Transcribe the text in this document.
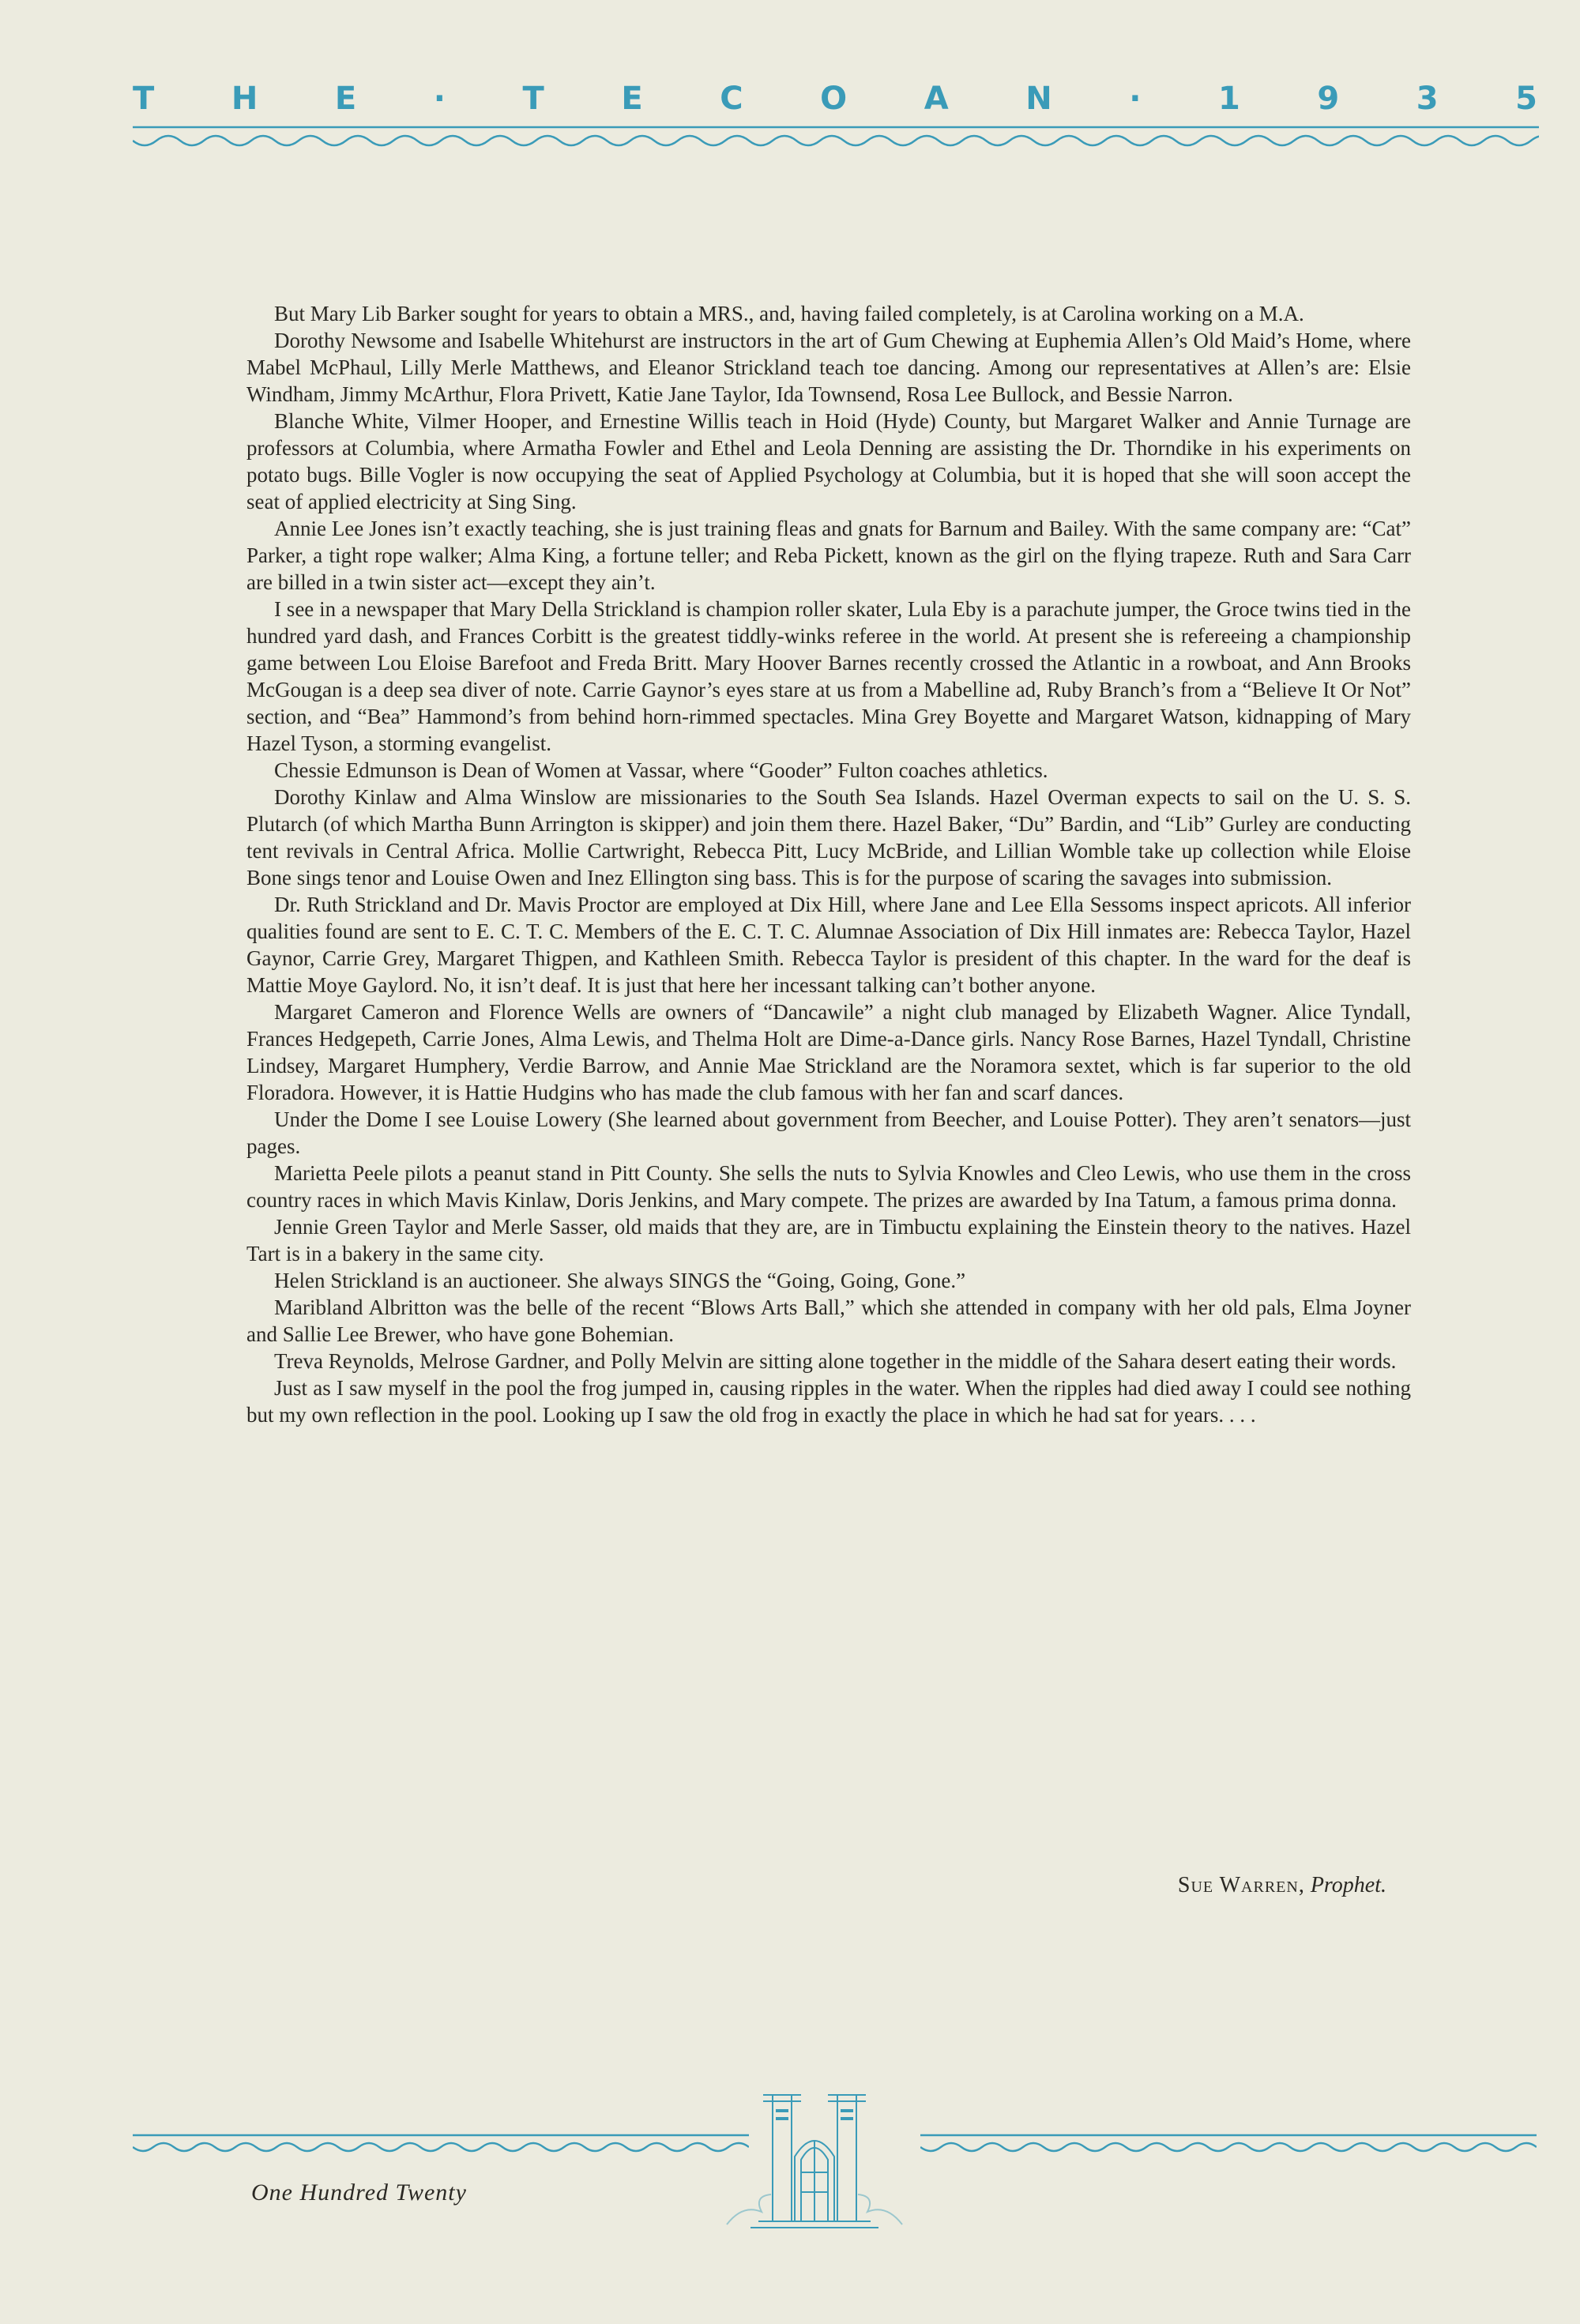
T H E · T E C O A N · 1 9 3 5

But Mary Lib Barker sought for years to obtain a MRS., and, having failed completely, is at Carolina working on a M.A.

Dorothy Newsome and Isabelle Whitehurst are instructors in the art of Gum Chewing at Euphemia Allen’s Old Maid’s Home, where Mabel McPhaul, Lilly Merle Matthews, and Eleanor Strickland teach toe dancing. Among our representatives at Allen’s are: Elsie Windham, Jimmy McArthur, Flora Privett, Katie Jane Taylor, Ida Townsend, Rosa Lee Bullock, and Bessie Narron.

Blanche White, Vilmer Hooper, and Ernestine Willis teach in Hoid (Hyde) County, but Margaret Walker and Annie Turnage are professors at Columbia, where Armatha Fowler and Ethel and Leola Denning are assisting the Dr. Thorndike in his experiments on potato bugs. Bille Vogler is now occupying the seat of Applied Psychology at Columbia, but it is hoped that she will soon accept the seat of applied electricity at Sing Sing.

Annie Lee Jones isn’t exactly teaching, she is just training fleas and gnats for Barnum and Bailey. With the same company are: “Cat” Parker, a tight rope walker; Alma King, a fortune teller; and Reba Pickett, known as the girl on the flying trapeze. Ruth and Sara Carr are billed in a twin sister act—except they ain’t.

I see in a newspaper that Mary Della Strickland is champion roller skater, Lula Eby is a parachute jumper, the Groce twins tied in the hundred yard dash, and Frances Corbitt is the greatest tiddly-winks referee in the world. At present she is refereeing a championship game between Lou Eloise Barefoot and Freda Britt. Mary Hoover Barnes recently crossed the Atlantic in a rowboat, and Ann Brooks McGougan is a deep sea diver of note. Carrie Gaynor’s eyes stare at us from a Mabelline ad, Ruby Branch’s from a “Believe It Or Not” section, and “Bea” Hammond’s from behind horn-rimmed spectacles. Mina Grey Boyette and Margaret Watson, kidnapping of Mary Hazel Tyson, a storming evangelist.

Chessie Edmunson is Dean of Women at Vassar, where “Gooder” Fulton coaches athletics.

Dorothy Kinlaw and Alma Winslow are missionaries to the South Sea Islands. Hazel Overman expects to sail on the U. S. S. Plutarch (of which Martha Bunn Arrington is skipper) and join them there. Hazel Baker, “Du” Bardin, and “Lib” Gurley are conducting tent revivals in Central Africa. Mollie Cartwright, Rebecca Pitt, Lucy McBride, and Lillian Womble take up collection while Eloise Bone sings tenor and Louise Owen and Inez Ellington sing bass. This is for the purpose of scaring the savages into submission.

Dr. Ruth Strickland and Dr. Mavis Proctor are employed at Dix Hill, where Jane and Lee Ella Sessoms inspect apricots. All inferior qualities found are sent to E. C. T. C. Members of the E. C. T. C. Alumnae Association of Dix Hill inmates are: Rebecca Taylor, Hazel Gaynor, Carrie Grey, Margaret Thigpen, and Kathleen Smith. Rebecca Taylor is president of this chapter. In the ward for the deaf is Mattie Moye Gaylord. No, it isn’t deaf. It is just that here her incessant talking can’t bother anyone.

Margaret Cameron and Florence Wells are owners of “Dancawile” a night club managed by Elizabeth Wagner. Alice Tyndall, Frances Hedgepeth, Carrie Jones, Alma Lewis, and Thelma Holt are Dime-a-Dance girls. Nancy Rose Barnes, Hazel Tyndall, Christine Lindsey, Margaret Humphery, Verdie Barrow, and Annie Mae Strickland are the Noramora sextet, which is far superior to the old Floradora. However, it is Hattie Hudgins who has made the club famous with her fan and scarf dances.

Under the Dome I see Louise Lowery (She learned about government from Beecher, and Louise Potter). They aren’t senators—just pages.

Marietta Peele pilots a peanut stand in Pitt County. She sells the nuts to Sylvia Knowles and Cleo Lewis, who use them in the cross country races in which Mavis Kinlaw, Doris Jenkins, and Mary compete. The prizes are awarded by Ina Tatum, a famous prima donna.

Jennie Green Taylor and Merle Sasser, old maids that they are, are in Timbuctu explaining the Einstein theory to the natives. Hazel Tart is in a bakery in the same city.

Helen Strickland is an auctioneer. She always SINGS the “Going, Going, Gone.”

Maribland Albritton was the belle of the recent “Blows Arts Ball,” which she attended in company with her old pals, Elma Joyner and Sallie Lee Brewer, who have gone Bohemian.

Treva Reynolds, Melrose Gardner, and Polly Melvin are sitting alone together in the middle of the Sahara desert eating their words.

Just as I saw myself in the pool the frog jumped in, causing ripples in the water. When the ripples had died away I could see nothing but my own reflection in the pool. Looking up I saw the old frog in exactly the place in which he had sat for years. . . .

Sue Warren, Prophet.
One Hundred Twenty
